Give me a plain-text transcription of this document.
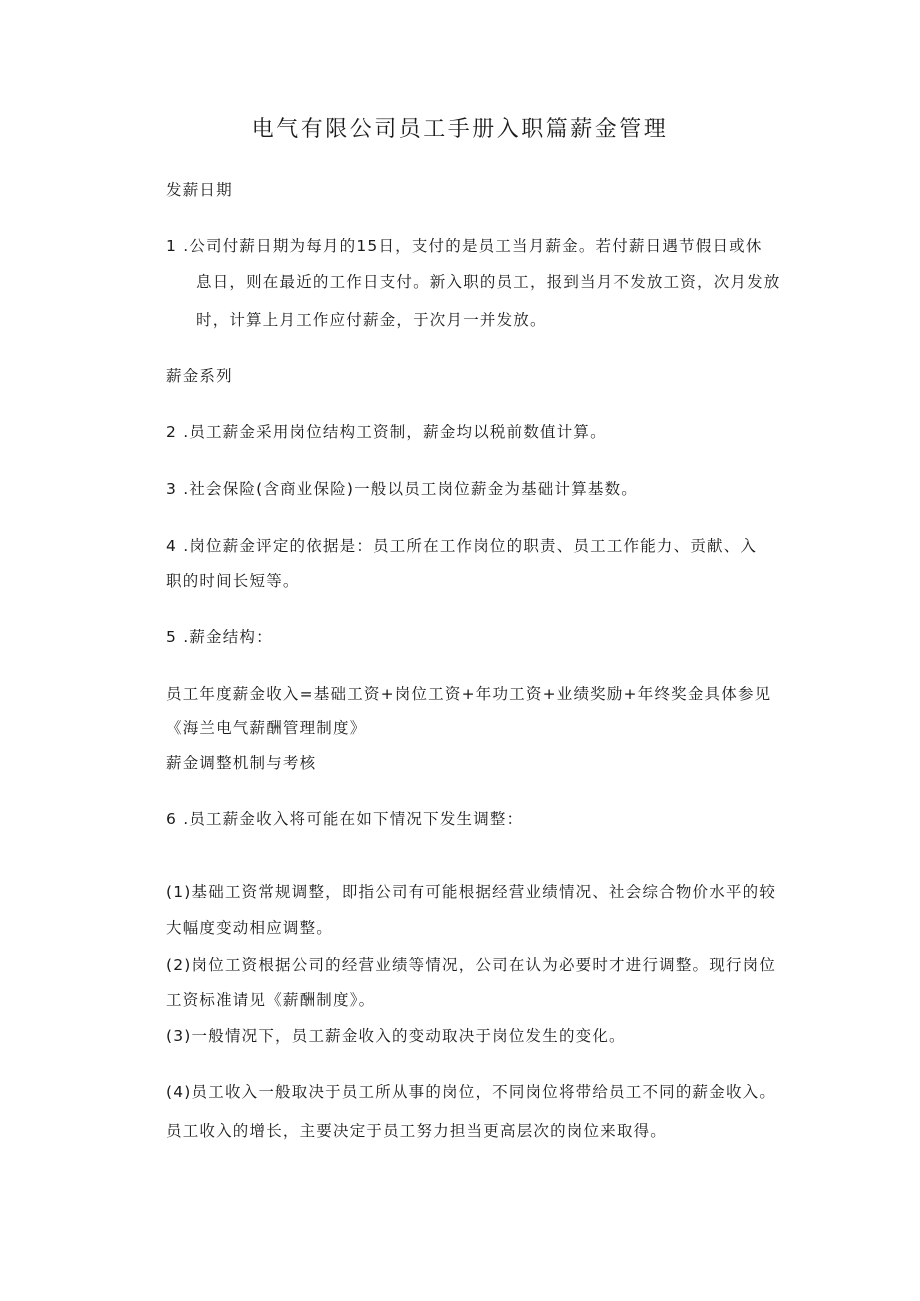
电气有限公司员工手册入职篇薪金管理
发薪日期
1 .公司付薪日期为每月的15日，支付的是员工当月薪金。若付薪日遇节假日或休
息日，则在最近的工作日支付。新入职的员工，报到当月不发放工资，次月发放
时，计算上月工作应付薪金，于次月一并发放。
薪金系列
2 .员工薪金采用岗位结构工资制，薪金均以税前数值计算。
3 .社会保险(含商业保险)一般以员工岗位薪金为基础计算基数。
4 .岗位薪金评定的依据是：员工所在工作岗位的职责、员工工作能力、贡献、入
职的时间长短等。
5 .薪金结构：
员工年度薪金收入=基础工资+岗位工资+年功工资+业绩奖励+年终奖金具体参见
《海兰电气薪酬管理制度》
薪金调整机制与考核
6 .员工薪金收入将可能在如下情况下发生调整：
(1)基础工资常规调整，即指公司有可能根据经营业绩情况、社会综合物价水平的较
大幅度变动相应调整。
(2)岗位工资根据公司的经营业绩等情况，公司在认为必要时才进行调整。现行岗位
工资标准请见《薪酬制度》。
(3)一般情况下，员工薪金收入的变动取决于岗位发生的变化。
(4)员工收入一般取决于员工所从事的岗位，不同岗位将带给员工不同的薪金收入。
员工收入的增长，主要决定于员工努力担当更高层次的岗位来取得。
